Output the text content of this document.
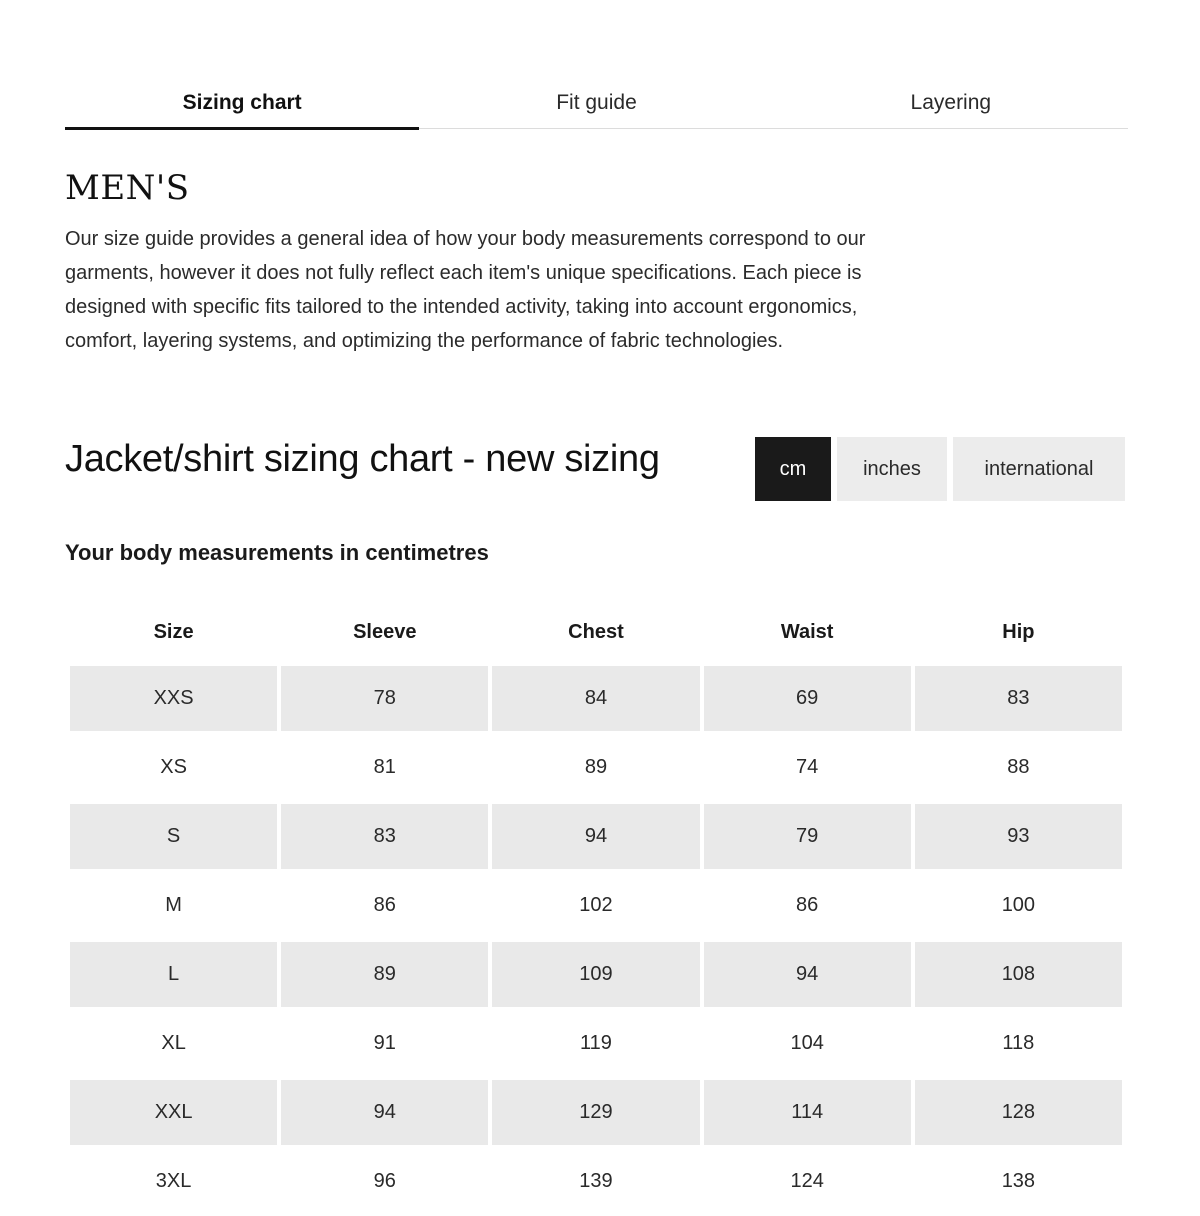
Sizing chart	Fit guide	Layering
MEN'S

Our size guide provides a general idea of how your body measurements correspond to our garments, however it does not fully reflect each item's unique specifications. Each piece is designed with specific fits tailored to the intended activity, taking into account ergonomics, comfort, layering systems, and optimizing the performance of fabric technologies.

Jacket/shirt sizing chart - new sizing	cm	inches	international
Your body measurements in centimetres
Size	Sleeve	Chest	Waist	Hip
XXS	78	84	69	83
XS	81	89	74	88
S	83	94	79	93
M	86	102	86	100
L	89	109	94	108
XL	91	119	104	118
XXL	94	129	114	128
3XL	96	139	124	138
